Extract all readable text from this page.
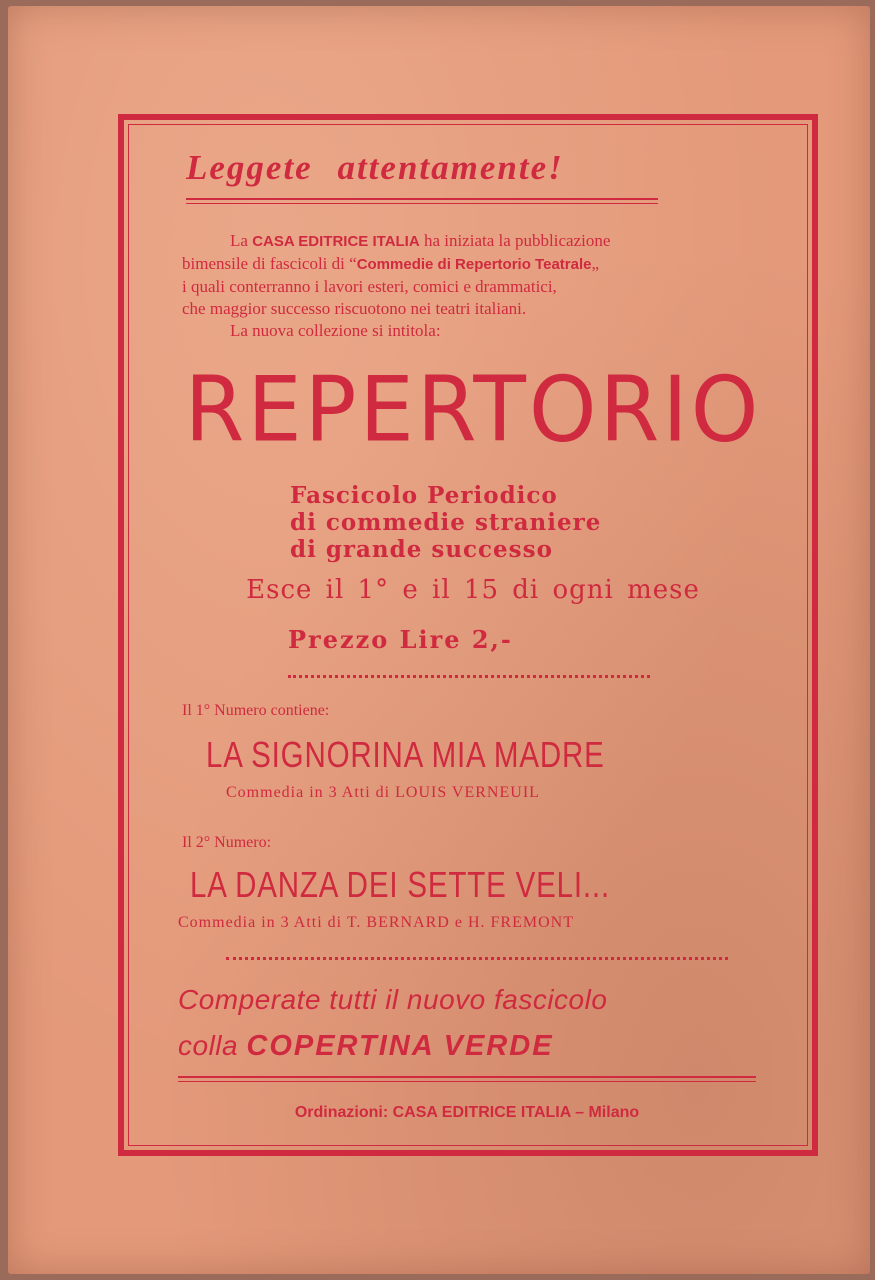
Leggete attentamente!

La CASA EDITRICE ITALIA ha iniziata la pubblicazione

bimensile di fascicoli di “Commedie di Repertorio Teatrale„

i quali conterranno i lavori esteri, comici e drammatici,

che maggior successo riscuotono nei teatri italiani.

La nuova collezione si intitola:

REPERTORIO
Fascicolo Periodico
di commedie straniere
di grande successo
Esce il 1° e il 15 di ogni mese
Prezzo Lire 2,-
Il 1° Numero contiene:
LA SIGNORINA MIA MADRE
Commedia in 3 Atti di LOUIS VERNEUIL
Il 2° Numero:
LA DANZA DEI SETTE VELI...
Commedia in 3 Atti di T. BERNARD e H. FREMONT
Comperate tutti il nuovo fascicolo
colla COPERTINA VERDE
Ordinazioni: CASA EDITRICE ITALIA – Milano
